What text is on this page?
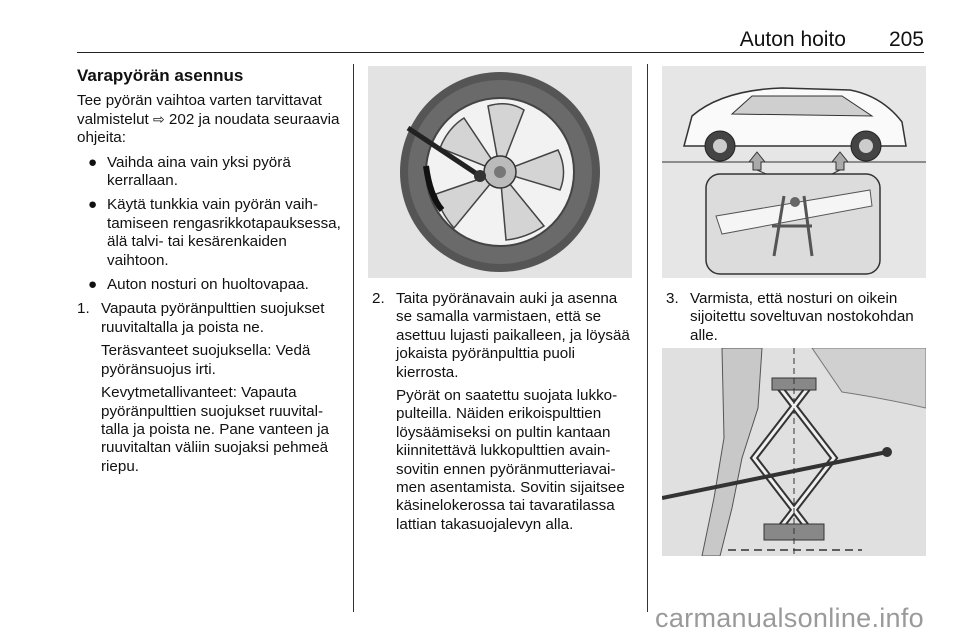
Auton hoito 205

Varapyörän asennus

Tee pyörän vaihtoa varten tarvittavat valmistelut ⇨ 202 ja noudata seuraavia ohjeita:

● Vaihda aina vain yksi pyörä kerrallaan.

● Käytä tunkkia vain pyörän vaihtamiseen rengasrikkotapauksessa, älä talvi- tai kesärenkaiden vaihtoon.

● Auton nosturi on huoltovapaa.

1. Vapauta pyöränpulttien suojukset ruuvitaltalla ja poista ne.

Teräsvanteet suojuksella: Vedä pyöränsuojus irti.

Kevytmetallivanteet: Vapauta pyöränpulttien suojukset ruuvitaltalla ja poista ne. Pane vanteen ja ruuvitaltan väliin suojaksi pehmeä riepu.

2. Taita pyöränavain auki ja asenna se samalla varmistaen, että se asettuu lujasti paikalleen, ja löysää jokaista pyöränpulttia puoli kierrosta.

Pyörät on saatettu suojata lukkopulteilla. Näiden erikoispulttien löysäämiseksi on pultin kantaan kiinnitettävä lukkopulttien avainsovitin ennen pyöränmutteriavaimen asentamista. Sovitin sijaitsee käsinelokerossa tai tavaratilassa lattian takasuojalevyn alla.

3. Varmista, että nosturi on oikein sijoitettu soveltuvan nostokohdan alle.

carmanualsonline.info
